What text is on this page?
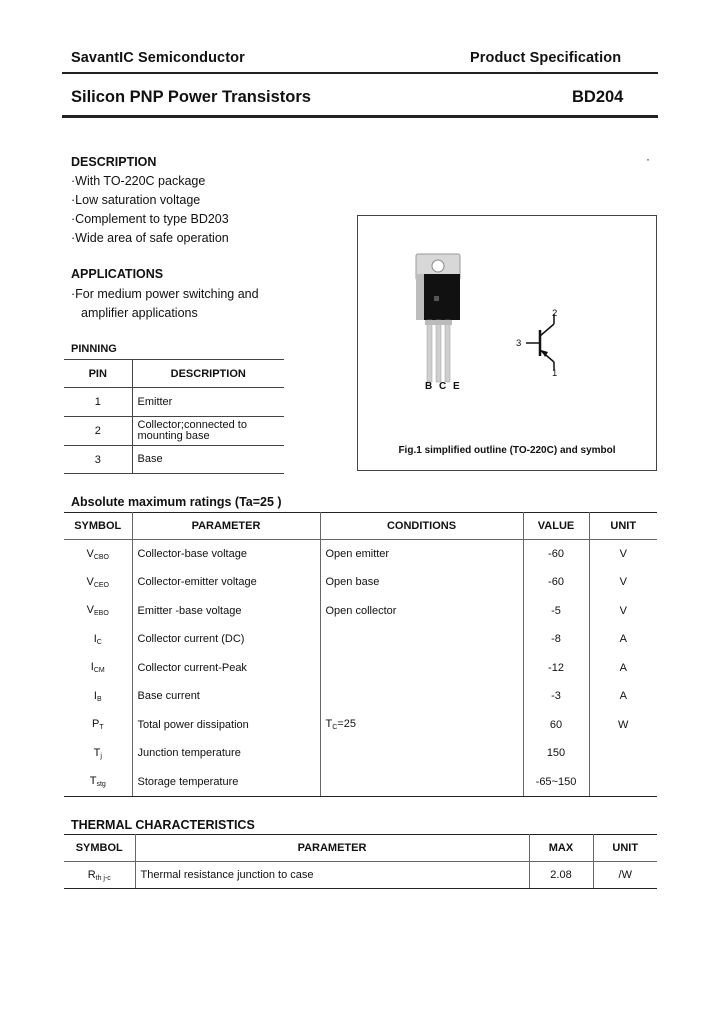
SavantIC Semiconductor	Product Specification
Silicon PNP Power Transistors	BD204
DESCRIPTION	·
·With TO-220C package
·Low saturation voltage
·Complement to type BD203
·Wide area of safe operation
APPLICATIONS
·For medium power switching and
amplifier applications
PINNING
PIN	DESCRIPTION
1	Emitter
2	Collector;connected to mounting base
3	Base
B C E
2
3
1
Fig.1 simplified outline (TO-220C) and symbol
Absolute maximum ratings (Ta=25 )
SYMBOL	PARAMETER	CONDITIONS	VALUE	UNIT
$V_{CBO}$	Collector-base voltage	Open emitter	-60	V
$V_{CEO}$	Collector-emitter voltage	Open base	-60	V
$V_{EBO}$	Emitter -base voltage	Open collector	-5	V
$I_C$	Collector current (DC)		-8	A
$I_{CM}$	Collector current-Peak		-12	A
$I_B$	Base current		-3	A
$P_T$	Total power dissipation	$T_C=25$	60	W
$T_j$	Junction temperature		150	
$T_{stg}$	Storage temperature		-65~150	
THERMAL CHARACTERISTICS
SYMBOL	PARAMETER	MAX	UNIT
$R_{th j-c}$	Thermal resistance junction to case	2.08	/W
